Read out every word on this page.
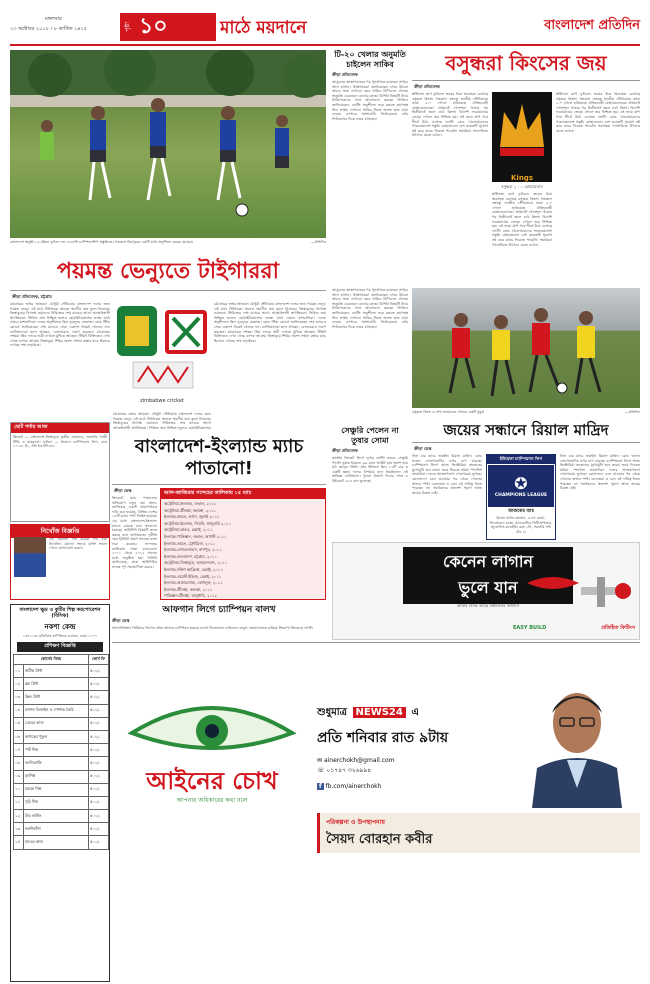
মঙ্গলবার
২৩ অক্টোবর ২০১৮ । ৮ কার্তিক ১৪২৫	পৃষ্ঠা ১০	মাঠে ময়দানে	বাংলাদেশ প্রতিদিন
বাংলাদেশ অনূর্ধ্ব-১৬ মহিলা ফুটবল দল এএফসি চ্যাম্পিয়নশিপ প্রস্তুতিতে। গতকাল মিরপুরের একটি মাঠে অনুশীলন করছে মেয়েরা।	—প্রতিদিন
পয়মন্ত ভেন্যুতে টাইগাররা
ক্রীড়া প্রতিবেদক, চট্টগ্রাম
চট্টগ্রামের জহুর আহমেদ চৌধুরী স্টেডিয়াম বাংলাদেশ দলের জন্য পয়মন্ত ভেন্যু। এই মাঠে টাইগাররা অনেক স্মরণীয় জয় তুলে নিয়েছে। জিম্বাবুয়ের বিপক্ষে ওয়ানডে সিরিজের শেষ ম্যাচের আগে আত্মবিশ্বাসী স্বাগতিকরা। সিরিজ জয় নিশ্চিত হলেও হোয়াইটওয়াশের লক্ষ্যে মাঠে নামবে মাশরাফিরা। দলের অনুশীলনে ছিল ফুরফুরে মেজাজ। কোচ স্টিভ রোডস জানিয়েছেন শেষ ম্যাচেও সেরা একাদশ নিয়েই খেলবে দল। ব্যাটসম্যানরা ছন্দে আছেন, বোলাররাও দারুণ করছেন। চট্টগ্রামের দর্শকরা প্রিয় দলকে জয়ী দেখতে মুখিয়ে আছেন। টিকিট বিক্রিতেও দেখা গেছে ব্যাপক আগ্রহ। জিম্বাবুয়ে শিবির অবশ্য সম্মান রক্ষার ম্যাচ হিসেবে দেখছে শেষ লড়াইকে।
zimbabwe cricket
চট্টগ্রামের জহুর আহমেদ চৌধুরী স্টেডিয়াম বাংলাদেশ দলের জন্য পয়মন্ত ভেন্যু। এই মাঠে টাইগাররা অনেক স্মরণীয় জয় তুলে নিয়েছে। জিম্বাবুয়ের বিপক্ষে ওয়ানডে সিরিজের শেষ ম্যাচের আগে আত্মবিশ্বাসী স্বাগতিকরা। সিরিজ জয় নিশ্চিত হলেও হোয়াইটওয়াশের
চট্টগ্রামের জহুর আহমেদ চৌধুরী স্টেডিয়াম বাংলাদেশ দলের জন্য পয়মন্ত ভেন্যু। এই মাঠে টাইগাররা অনেক স্মরণীয় জয় তুলে নিয়েছে। জিম্বাবুয়ের বিপক্ষে ওয়ানডে সিরিজের শেষ ম্যাচের আগে আত্মবিশ্বাসী স্বাগতিকরা। সিরিজ জয় নিশ্চিত হলেও হোয়াইটওয়াশের লক্ষ্যে মাঠে নামবে মাশরাফিরা। দলের অনুশীলনে ছিল ফুরফুরে মেজাজ। কোচ স্টিভ রোডস জানিয়েছেন শেষ ম্যাচেও সেরা একাদশ নিয়েই খেলবে দল। ব্যাটসম্যানরা ছন্দে আছেন, বোলাররাও দারুণ করছেন। চট্টগ্রামের দর্শকরা প্রিয় দলকে জয়ী দেখতে মুখিয়ে আছেন। টিকিট বিক্রিতেও দেখা গেছে ব্যাপক আগ্রহ। জিম্বাবুয়ে শিবির অবশ্য সম্মান রক্ষার ম্যাচ হিসেবে দেখছে শেষ লড়াইকে।
ছোট পর্দায় আজ
ক্রিকেট — বাংলাদেশ-জিম্বাবুয়ে তৃতীয় ওয়ানডে, সরাসরি গাজী টিভি ও মাছরাঙা। ফুটবল — উয়েফা চ্যাম্পিয়নস লিগ, রাত ১০-৫৫ মি., সনি ইএসপিএন।
নিখোঁজ বিজ্ঞপ্তি
এই ছেলেটি গত কয়েক দিন ধরে নিখোঁজ। কোনো সহৃদয় ব্যক্তি সন্ধান পেলে যোগাযোগ করুন।
বাংলাদেশ-ইংল্যান্ড ম্যাচ পাতানো!
ক্রীড়া ডেস্ক
ক্রিকেটে ম্যাচ পাতানোর অভিযোগ নতুন নয়। আল-জাজিরার একটি প্রামাণ্যচিত্রে দাবি করা হয়েছে, বিভিন্ন দেশের ১৫টি ম্যাচে স্পট ফিক্সিং হয়েছে। এর মধ্যে বাংলাদেশ-ইংল্যান্ড ম্যাচও রয়েছে বলে জানানো হয়েছে। আইসিসি বিষয়টি তদন্ত করছে বলে জানিয়েছে। দুর্নীতি দমন ইউনিট প্রমাণ সংগ্রহে কাজ শুরু করেছে। সন্দেহের তালিকায় থাকা ম্যাচগুলো ২০১১ থেকে ২০১২ সালের মধ্যে অনুষ্ঠিত হয়। বিসিবি জানিয়েছে, তারা আইসিসির তদন্তে পূর্ণ সহযোগিতা করবে।
আল-জাজিরার সন্দেহের তালিকায় ১৫ ম্যাচ
অস্ট্রেলিয়া-ইংল্যান্ড, ওভাল, ২০১১
অস্ট্রেলিয়া-শ্রীলঙ্কা, কলম্বো, ২০১১
ইংল্যান্ড-ভারত, লর্ডস, জুলাই ২০১১
অস্ট্রেলিয়া-ইংল্যান্ড, সিডনি, জানুয়ারি ২০১১
অস্ট্রেলিয়া-ভারত, চেন্নাই, ২০১১
ইংল্যান্ড-পাকিস্তান, ওভাল, আগস্ট ২০১১
ইংল্যান্ড-ভারত, ট্রেন্টব্রিজ, ২০১১
ইংল্যান্ড-নেদারল্যান্ডস, নাগপুর, ২০১১
ইংল্যান্ড-বাংলাদেশ, চট্টগ্রাম, ২০১১
অস্ট্রেলিয়া-জিম্বাবুয়ে, আহমেদাবাদ, ২০১১
ইংল্যান্ড-দক্ষিণ আফ্রিকা, চেন্নাই, ২০১১
ইংল্যান্ড-ওয়েস্ট ইন্ডিজ, চেন্নাই, ২০১১
ইংল্যান্ড-আয়ারল্যান্ড, বেঙ্গালুরু, ২০১১
ইংল্যান্ড-শ্রীলঙ্কা, কলম্বো, ২০১১
পাকিস্তান-শ্রীলঙ্কা, আবুধাবি, ২০১২
আফগান লিগে চ্যাম্পিয়ন বালখ
ক্রীড়া ডেস্ক
আফগানিস্তান প্রিমিয়ার লিগের প্রথম আসরে চ্যাম্পিয়ন হয়েছে বালখ লিজেন্ডস। ফাইনালে কাবুল জোয়ানানকে হারিয়ে শিরোপা জিতেছে দলটি।
বাংলাদেশ ক্ষুদ্র ও কুটির শিল্প করপোরেশন (বিসিক)
নকশা কেন্দ্র
১৩৭-১৩৮ মতিঝিল বাণিজ্যিক এলাকা, ঢাকা-১০০০
প্রশিক্ষণ বিজ্ঞপ্তি
কোর্সের বিষয়		কোর্স ফি
০১	বাটিক প্রিন্ট	৫০০/-
০২	ব্লক প্রিন্ট	৫০০/-
০৩	স্ক্রিন প্রিন্ট	৫০০/-
০৪	ফ্যাশন ডিজাইন ও পোশাক তৈরি	৫০০/-
০৫	বেতের কাজ	৫০০/-
০৬	কাপড়ের পুতুল	৫০০/-
০৭	পাট শিল্প	৫০০/-
০৮	ক্যালিগ্রাফি	৫০০/-
০৯	মৃৎশিল্প	৫০০/-
১০	চামড়া শিল্প	৫০০/-
১১	সূচি শিল্প	৫০০/-
১২	উড কার্ভিং	৫০০/-
১৩	নকশিকাঁথা	৫০০/-
১৪	হাতের কাজ	৫০০/-
আইনের চোখ
আপনার অধিকারের কথা বলে
শুধুমাত্র NEWS24 এ
প্রতি শনিবার রাত ৯টায়
✉ ainerchokh@gmail.com
☏ ০১৭৪৭ ৩২৬৯৯৪
f fb.com/ainerchokh
পরিকল্পনা ও উপস্থাপনায়
সৈয়দ বোরহান কবীর
টি-২০ খেলার অনুমতি চাইলেন সাকিব
ক্রীড়া প্রতিবেদক
আঙুলের অস্ত্রোপচারের পর পুনর্বাসনে রয়েছেন সাকিব আল হাসান। চিকিৎসকরা জানিয়েছেন সেরে উঠতে আরও সময় লাগবে। তবে সাকিব বিপিএলে খেলার অনুমতি চেয়েছেন বোর্ডের কাছে। বিসিবি বিষয়টি নিয়ে চিকিৎসকদের সঙ্গে আলোচনা করছে। ফিজিও জানিয়েছেন, ব্যাটিং অনুশীলন শুরু করতে কমপক্ষে তিন সপ্তাহ লাগবে। সাকিব নিজে অবশ্য দ্রুত মাঠে ফেরার ব্যাপারে আশাবাদী। নির্বাচকরাও তাঁর ফিটনেসের দিকে নজর রাখছেন।
বসুন্ধরা কিংসের জয়
ক্রীড়া প্রতিবেদক
স্বাধীনতা কাপ ফুটবলে জয়ের ধারা অব্যাহত রেখেছে বসুন্ধরা কিংস। গতকাল বঙ্গবন্ধু জাতীয় স্টেডিয়ামে তারা ২-০ গোলে হারিয়েছে ঐতিহ্যবাহী মোহামেডানকে। প্রথমার্ধে গোলশূন্য থাকার পর দ্বিতীয়ার্ধে জ্বলে ওঠে কিংস। বিদেশি ফরোয়ার্ডের জোড়া গোলে জয় নিশ্চিত হয়। এই জয়ে গ্রুপ পর্বে শীর্ষে উঠে এসেছে দলটি। কোচ খেলোয়াড়দের পারফরম্যান্সে সন্তুষ্ট। মোহামেডান বেশ কয়েকটি সুযোগ নষ্ট করে ম্যাচে ফিরতে পারেনি। সমর্থকরা গ্যালারিতে উৎসবে মেতে ওঠেন।
Kings
বসুন্ধরা ২ : ০ মোহামেডান
স্বাধীনতা কাপ ফুটবলে জয়ের ধারা অব্যাহত রেখেছে বসুন্ধরা কিংস। গতকাল বঙ্গবন্ধু জাতীয় স্টেডিয়ামে তারা ২-০ গোলে হারিয়েছে ঐতিহ্যবাহী মোহামেডানকে। প্রথমার্ধে গোলশূন্য থাকার পর দ্বিতীয়ার্ধে জ্বলে ওঠে কিংস। বিদেশি ফরোয়ার্ডের জোড়া গোলে জয় নিশ্চিত হয়। এই জয়ে গ্রুপ পর্বে শীর্ষে উঠে এসেছে দলটি। কোচ খেলোয়াড়দের পারফরম্যান্সে সন্তুষ্ট। মোহামেডান বেশ কয়েকটি সুযোগ নষ্ট করে ম্যাচে ফিরতে পারেনি। সমর্থকরা গ্যালারিতে উৎসবে মেতে ওঠেন।
স্বাধীনতা কাপ ফুটবলে জয়ের ধারা অব্যাহত রেখেছে বসুন্ধরা কিংস। গতকাল বঙ্গবন্ধু জাতীয় স্টেডিয়ামে তারা ২-০ গোলে হারিয়েছে ঐতিহ্যবাহী মোহামেডানকে। প্রথমার্ধে গোলশূন্য থাকার পর দ্বিতীয়ার্ধে জ্বলে ওঠে কিংস। বিদেশি ফরোয়ার্ডের জোড়া গোলে জয় নিশ্চিত হয়। এই জয়ে গ্রুপ পর্বে শীর্ষে উঠে এসেছে দলটি। কোচ খেলোয়াড়দের পারফরম্যান্সে সন্তুষ্ট। মোহামেডান বেশ কয়েকটি সুযোগ নষ্ট করে ম্যাচে ফিরতে পারেনি। সমর্থকরা গ্যালারিতে উৎসবে মেতে ওঠেন।
বসুন্ধরা কিংস ও শেখ জামালের খেলার একটি মুহূর্ত	—প্রতিদিন
আঙুলের অস্ত্রোপচারের পর পুনর্বাসনে রয়েছেন সাকিব আল হাসান। চিকিৎসকরা জানিয়েছেন সেরে উঠতে আরও সময় লাগবে। তবে সাকিব বিপিএলে খেলার অনুমতি চেয়েছেন বোর্ডের কাছে। বিসিবি বিষয়টি নিয়ে চিকিৎসকদের সঙ্গে আলোচনা করছে। ফিজিও জানিয়েছেন, ব্যাটিং অনুশীলন শুরু করতে কমপক্ষে তিন সপ্তাহ লাগবে। সাকিব নিজে অবশ্য দ্রুত মাঠে ফেরার ব্যাপারে আশাবাদী। নির্বাচকরাও তাঁর ফিটনেসের দিকে নজর রাখছেন।
সেঞ্চুরি পেলেন না তুষার সোমা
ক্রীড়া প্রতিবেদক
জাতীয় ক্রিকেট লিগে দুর্দান্ত ব্যাটিং করেও সেঞ্চুরি পাননি তুষার ইমরান। ৯৬ রানে আউট হয়ে হতাশ হয়ে মাঠ ছাড়েন তিনি। তাঁর ইনিংসে ছিল ১২টি চার ও একটি ছক্কা। দলের বিপর্যয়ে হাল ধরেছিলেন এই অভিজ্ঞ ব্যাটসম্যান। খুলনা বিভাগ দিনের শেষে ৬ উইকেটে ২৮৫ রান তুলেছে।
জয়ের সন্ধানে রিয়াল মাদ্রিদ
ক্রীড়া ডেস্ক
টানা চার ম্যাচে জয়হীন রিয়াল মাদ্রিদ। কোচ হুলেন লোপেতেগির ওপর চাপ বাড়ছে। চ্যাম্পিয়নস লিগে আজ ভিক্টোরিয়া প্লজেনের মুখোমুখি হবে তারা। জয়ে ফিরতে মরিয়া স্প্যানিশ জায়ান্টরা। দলের আক্রমণভাগ গোলখরায় ভুগছে। রোনালদো চলে যাওয়ার পর থেকে গোলের অভাব স্পষ্ট। বেনজেমা ও বেল এই দায়িত্ব নিতে পারছেন না। সমর্থকদের প্রত্যাশা পূরণে আজ জয়ের বিকল্প নেই।
ইউয়েফা চ্যাম্পিয়নস লিগ
✪
CHAMPIONS LEAGUE
আজকের ম্যাচ
রিয়াল মাদ্রিদ-প্লজেন, এএস রোমা-সিএসকেএ মস্কো, ম্যানচেস্টার সিটি-শাখতার, জুভেন্টাস-ম্যানইউ। রাত ১টা, সরাসরি সনি টেন ২।
টানা চার ম্যাচে জয়হীন রিয়াল মাদ্রিদ। কোচ হুলেন লোপেতেগির ওপর চাপ বাড়ছে। চ্যাম্পিয়নস লিগে আজ ভিক্টোরিয়া প্লজেনের মুখোমুখি হবে তারা। জয়ে ফিরতে মরিয়া স্প্যানিশ জায়ান্টরা। দলের আক্রমণভাগ গোলখরায় ভুগছে। রোনালদো চলে যাওয়ার পর থেকে গোলের অভাব স্পষ্ট। বেনজেমা ও বেল এই দায়িত্ব নিতে পারছেন না। সমর্থকদের প্রত্যাশা পূরণে আজ জয়ের বিকল্প নেই।
কেনেন লাগান
ভুলে যান
আমার বিল্ডে আছে বিশ্বমানের ফিটিংস
EASY BUILD	প্রতিষ্ঠিত ফিটিংস
